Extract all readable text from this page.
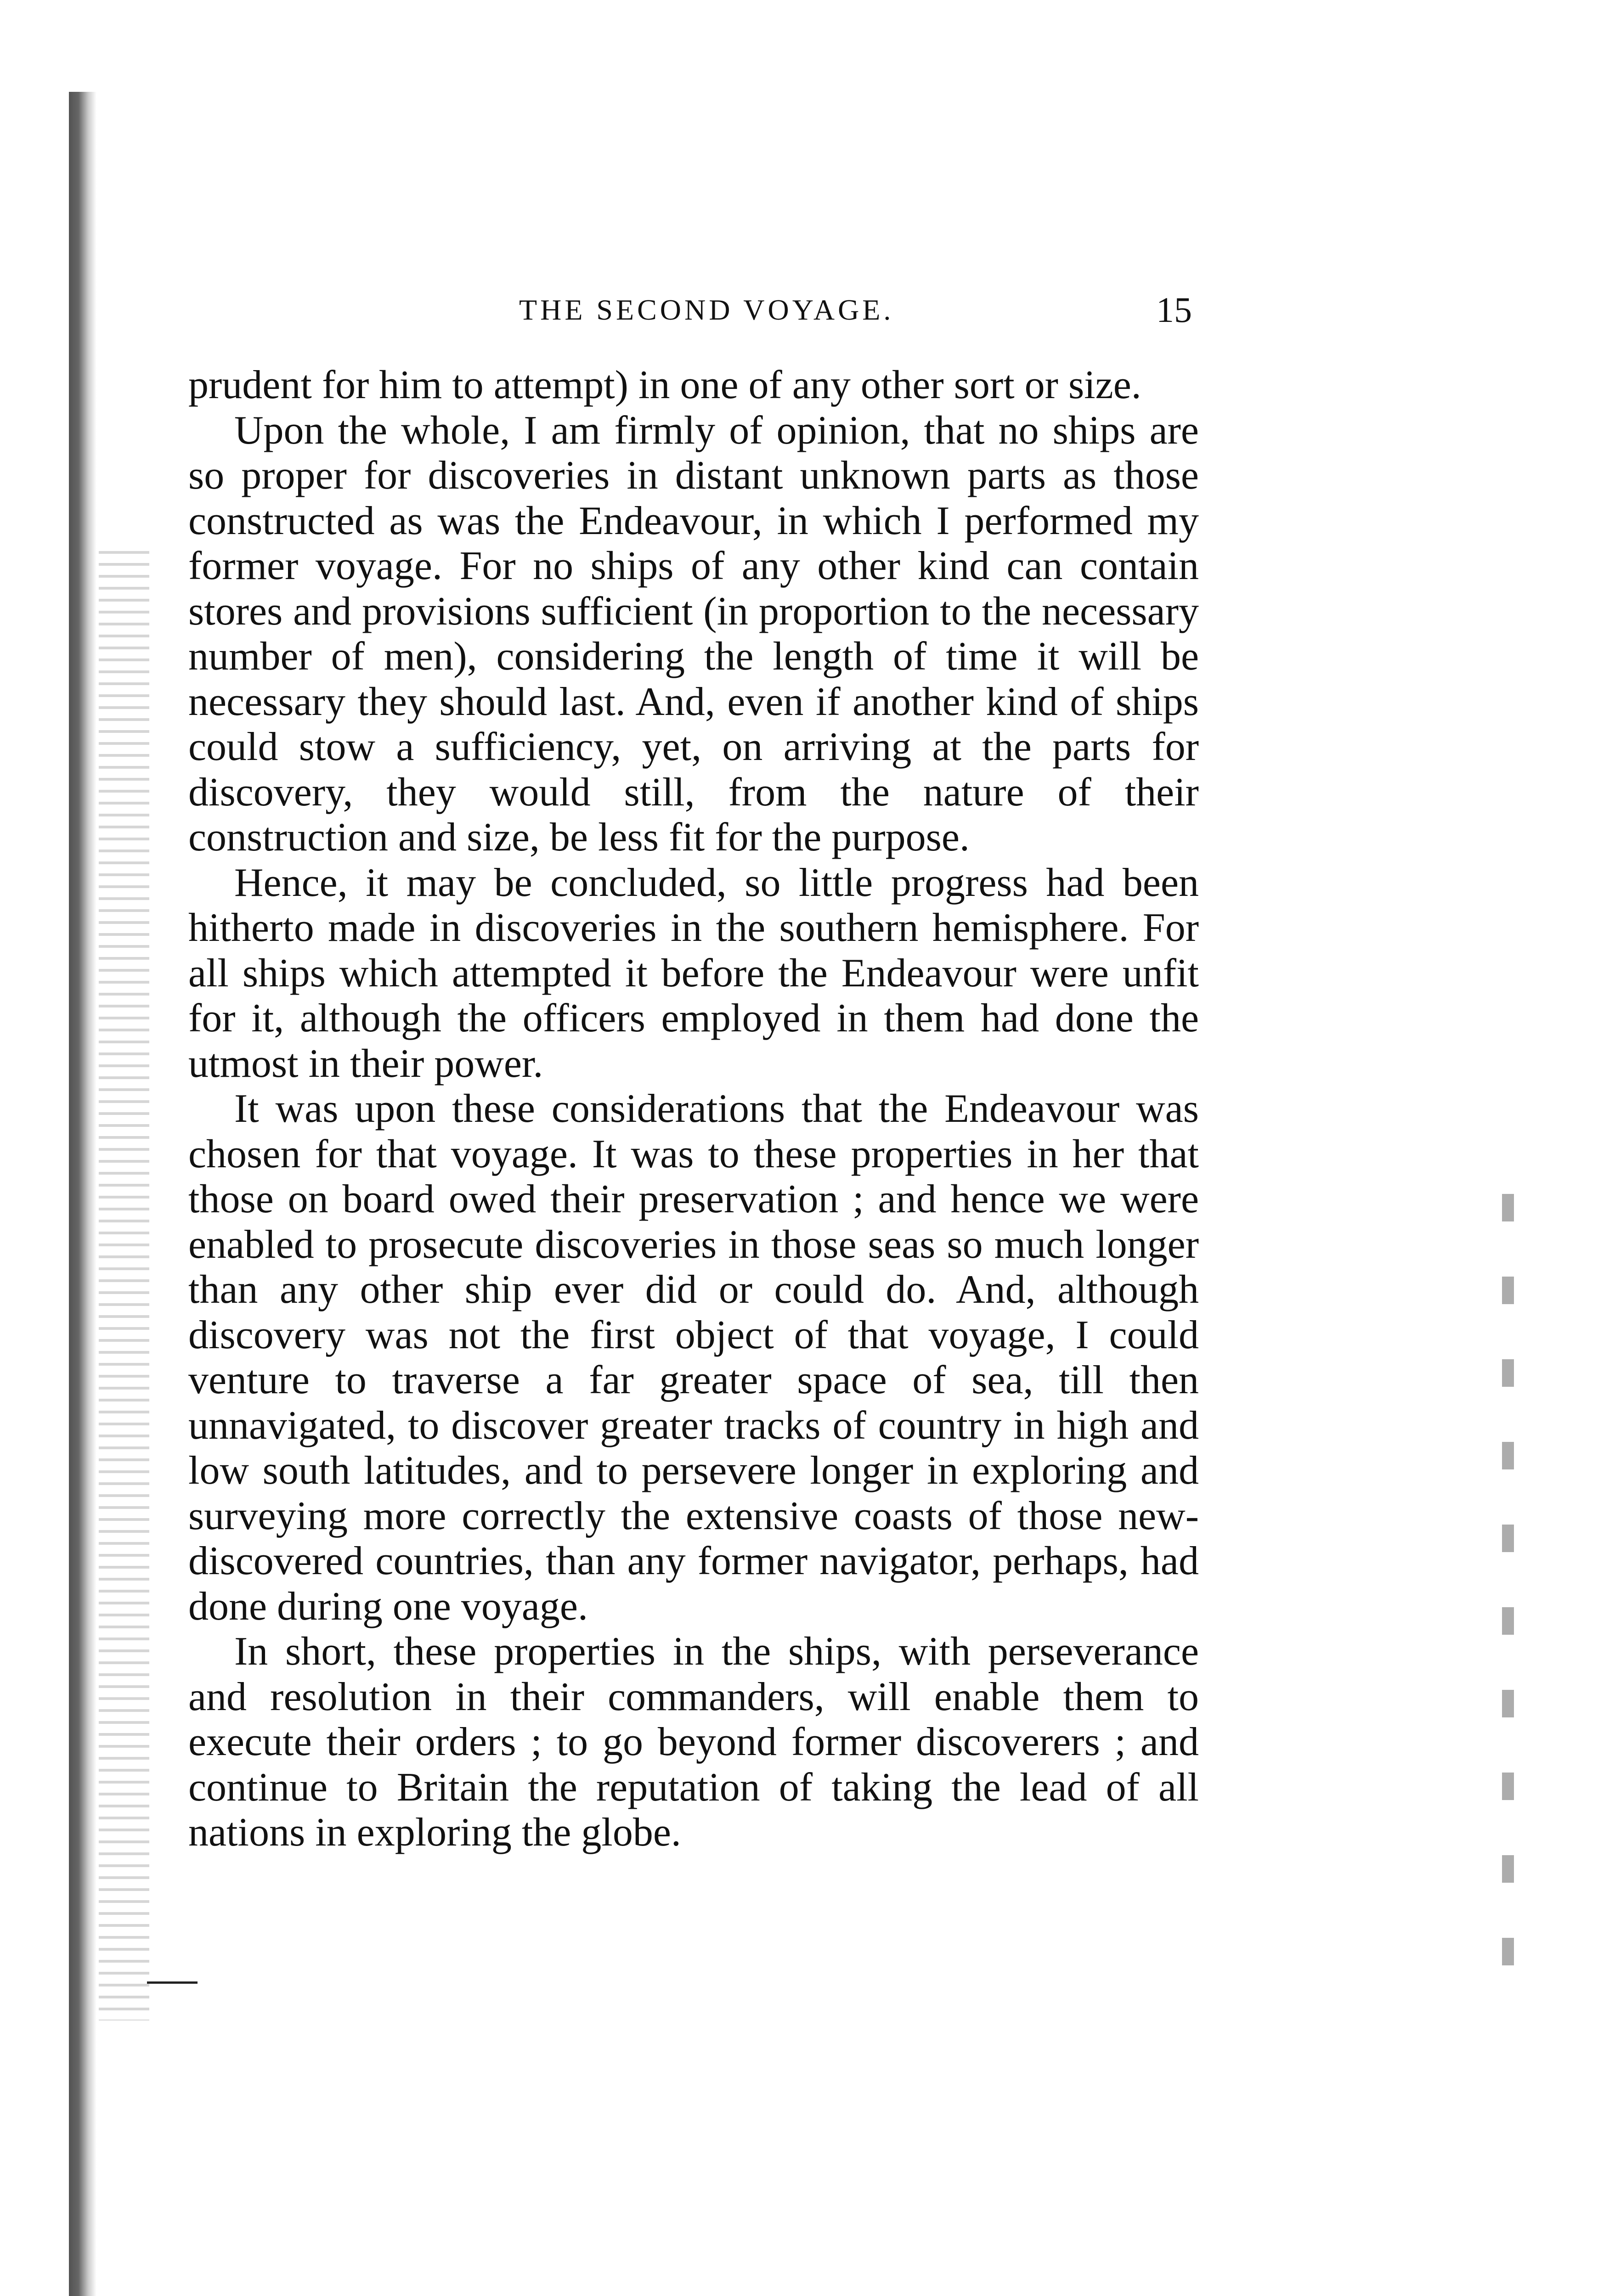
THE SECOND VOYAGE.	15

prudent for him to attempt) in one of any other sort or size.

Upon the whole, I am firmly of opinion, that no ships are so proper for discoveries in distant unknown parts as those constructed as was the Endeavour, in which I performed my former voyage. For no ships of any other kind can contain stores and provisions sufficient (in proportion to the necessary number of men), considering the length of time it will be necessary they should last. And, even if another kind of ships could stow a sufficiency, yet, on arriving at the parts for discovery, they would still, from the nature of their construction and size, be less fit for the purpose.

Hence, it may be concluded, so little progress had been hitherto made in discoveries in the southern hemisphere. For all ships which attempted it before the Endeavour were unfit for it, although the officers employed in them had done the utmost in their power.

It was upon these considerations that the Endeavour was chosen for that voyage. It was to these properties in her that those on board owed their preservation ; and hence we were enabled to prosecute discoveries in those seas so much longer than any other ship ever did or could do. And, although discovery was not the first object of that voyage, I could venture to traverse a far greater space of sea, till then unnavigated, to discover greater tracks of country in high and low south latitudes, and to persevere longer in exploring and surveying more correctly the extensive coasts of those new-discovered countries, than any former navigator, perhaps, had done during one voyage.

In short, these properties in the ships, with perseverance and resolution in their commanders, will enable them to execute their orders ; to go beyond former discoverers ; and continue to Britain the reputation of taking the lead of all nations in exploring the globe.
